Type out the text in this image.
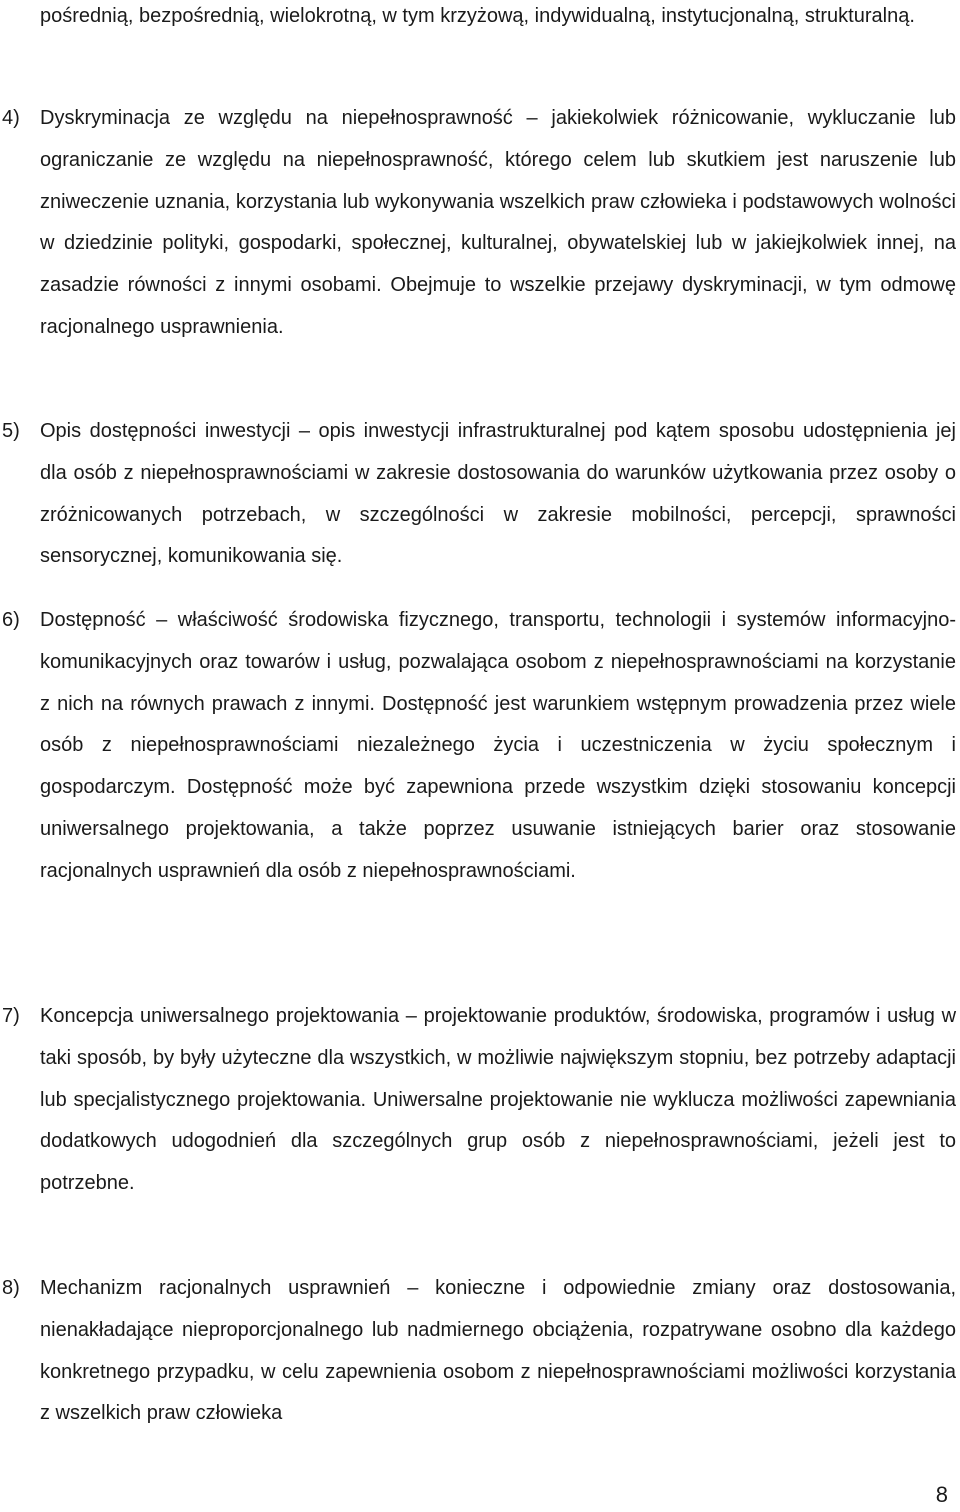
pośrednią, bezpośrednią, wielokrotną, w tym krzyżową, indywidualną, instytucjonalną, strukturalną.

4)	Dyskryminacja ze względu na niepełnosprawność – jakiekolwiek różnicowanie, wykluczanie lub ograniczanie ze względu na niepełnosprawność, którego celem lub skutkiem jest naruszenie lub zniweczenie uznania, korzystania lub wykonywania wszelkich praw człowieka i podstawowych wolności w dziedzinie polityki, gospodarki, społecznej, kulturalnej, obywatelskiej lub w jakiejkolwiek innej, na zasadzie równości z innymi osobami. Obejmuje to wszelkie przejawy dyskryminacji, w tym odmowę racjonalnego usprawnienia.
5)	Opis dostępności inwestycji – opis inwestycji infrastrukturalnej pod kątem sposobu udostępnienia jej dla osób z niepełnosprawnościami w zakresie dostosowania do warunków użytkowania przez osoby o zróżnicowanych potrzebach, w szczególności w zakresie mobilności, percepcji, sprawności sensorycznej, komunikowania się.
6)	Dostępność – właściwość środowiska fizycznego, transportu, technologii i systemów informacyjno-komunikacyjnych oraz towarów i usług, pozwalająca osobom z niepełnosprawnościami na korzystanie z nich na równych prawach z innymi. Dostępność jest warunkiem wstępnym prowadzenia przez wiele osób z niepełnosprawnościami niezależnego życia i uczestniczenia w życiu społecznym i gospodarczym. Dostępność może być zapewniona przede wszystkim dzięki stosowaniu koncepcji uniwersalnego projektowania, a także poprzez usuwanie istniejących barier oraz stosowanie racjonalnych usprawnień dla osób z niepełnosprawnościami.
7)	Koncepcja uniwersalnego projektowania – projektowanie produktów, środowiska, programów i usług w taki sposób, by były użyteczne dla wszystkich, w możliwie największym stopniu, bez potrzeby adaptacji lub specjalistycznego projektowania. Uniwersalne projektowanie nie wyklucza możliwości zapewniania dodatkowych udogodnień dla szczególnych grup osób z niepełnosprawnościami, jeżeli jest to potrzebne.
8)	Mechanizm racjonalnych usprawnień – konieczne i odpowiednie zmiany oraz dostosowania, nienakładające nieproporcjonalnego lub nadmiernego obciążenia, rozpatrywane osobno dla każdego konkretnego przypadku, w celu zapewnienia osobom z niepełnosprawnościami możliwości korzystania z wszelkich praw człowieka
8
